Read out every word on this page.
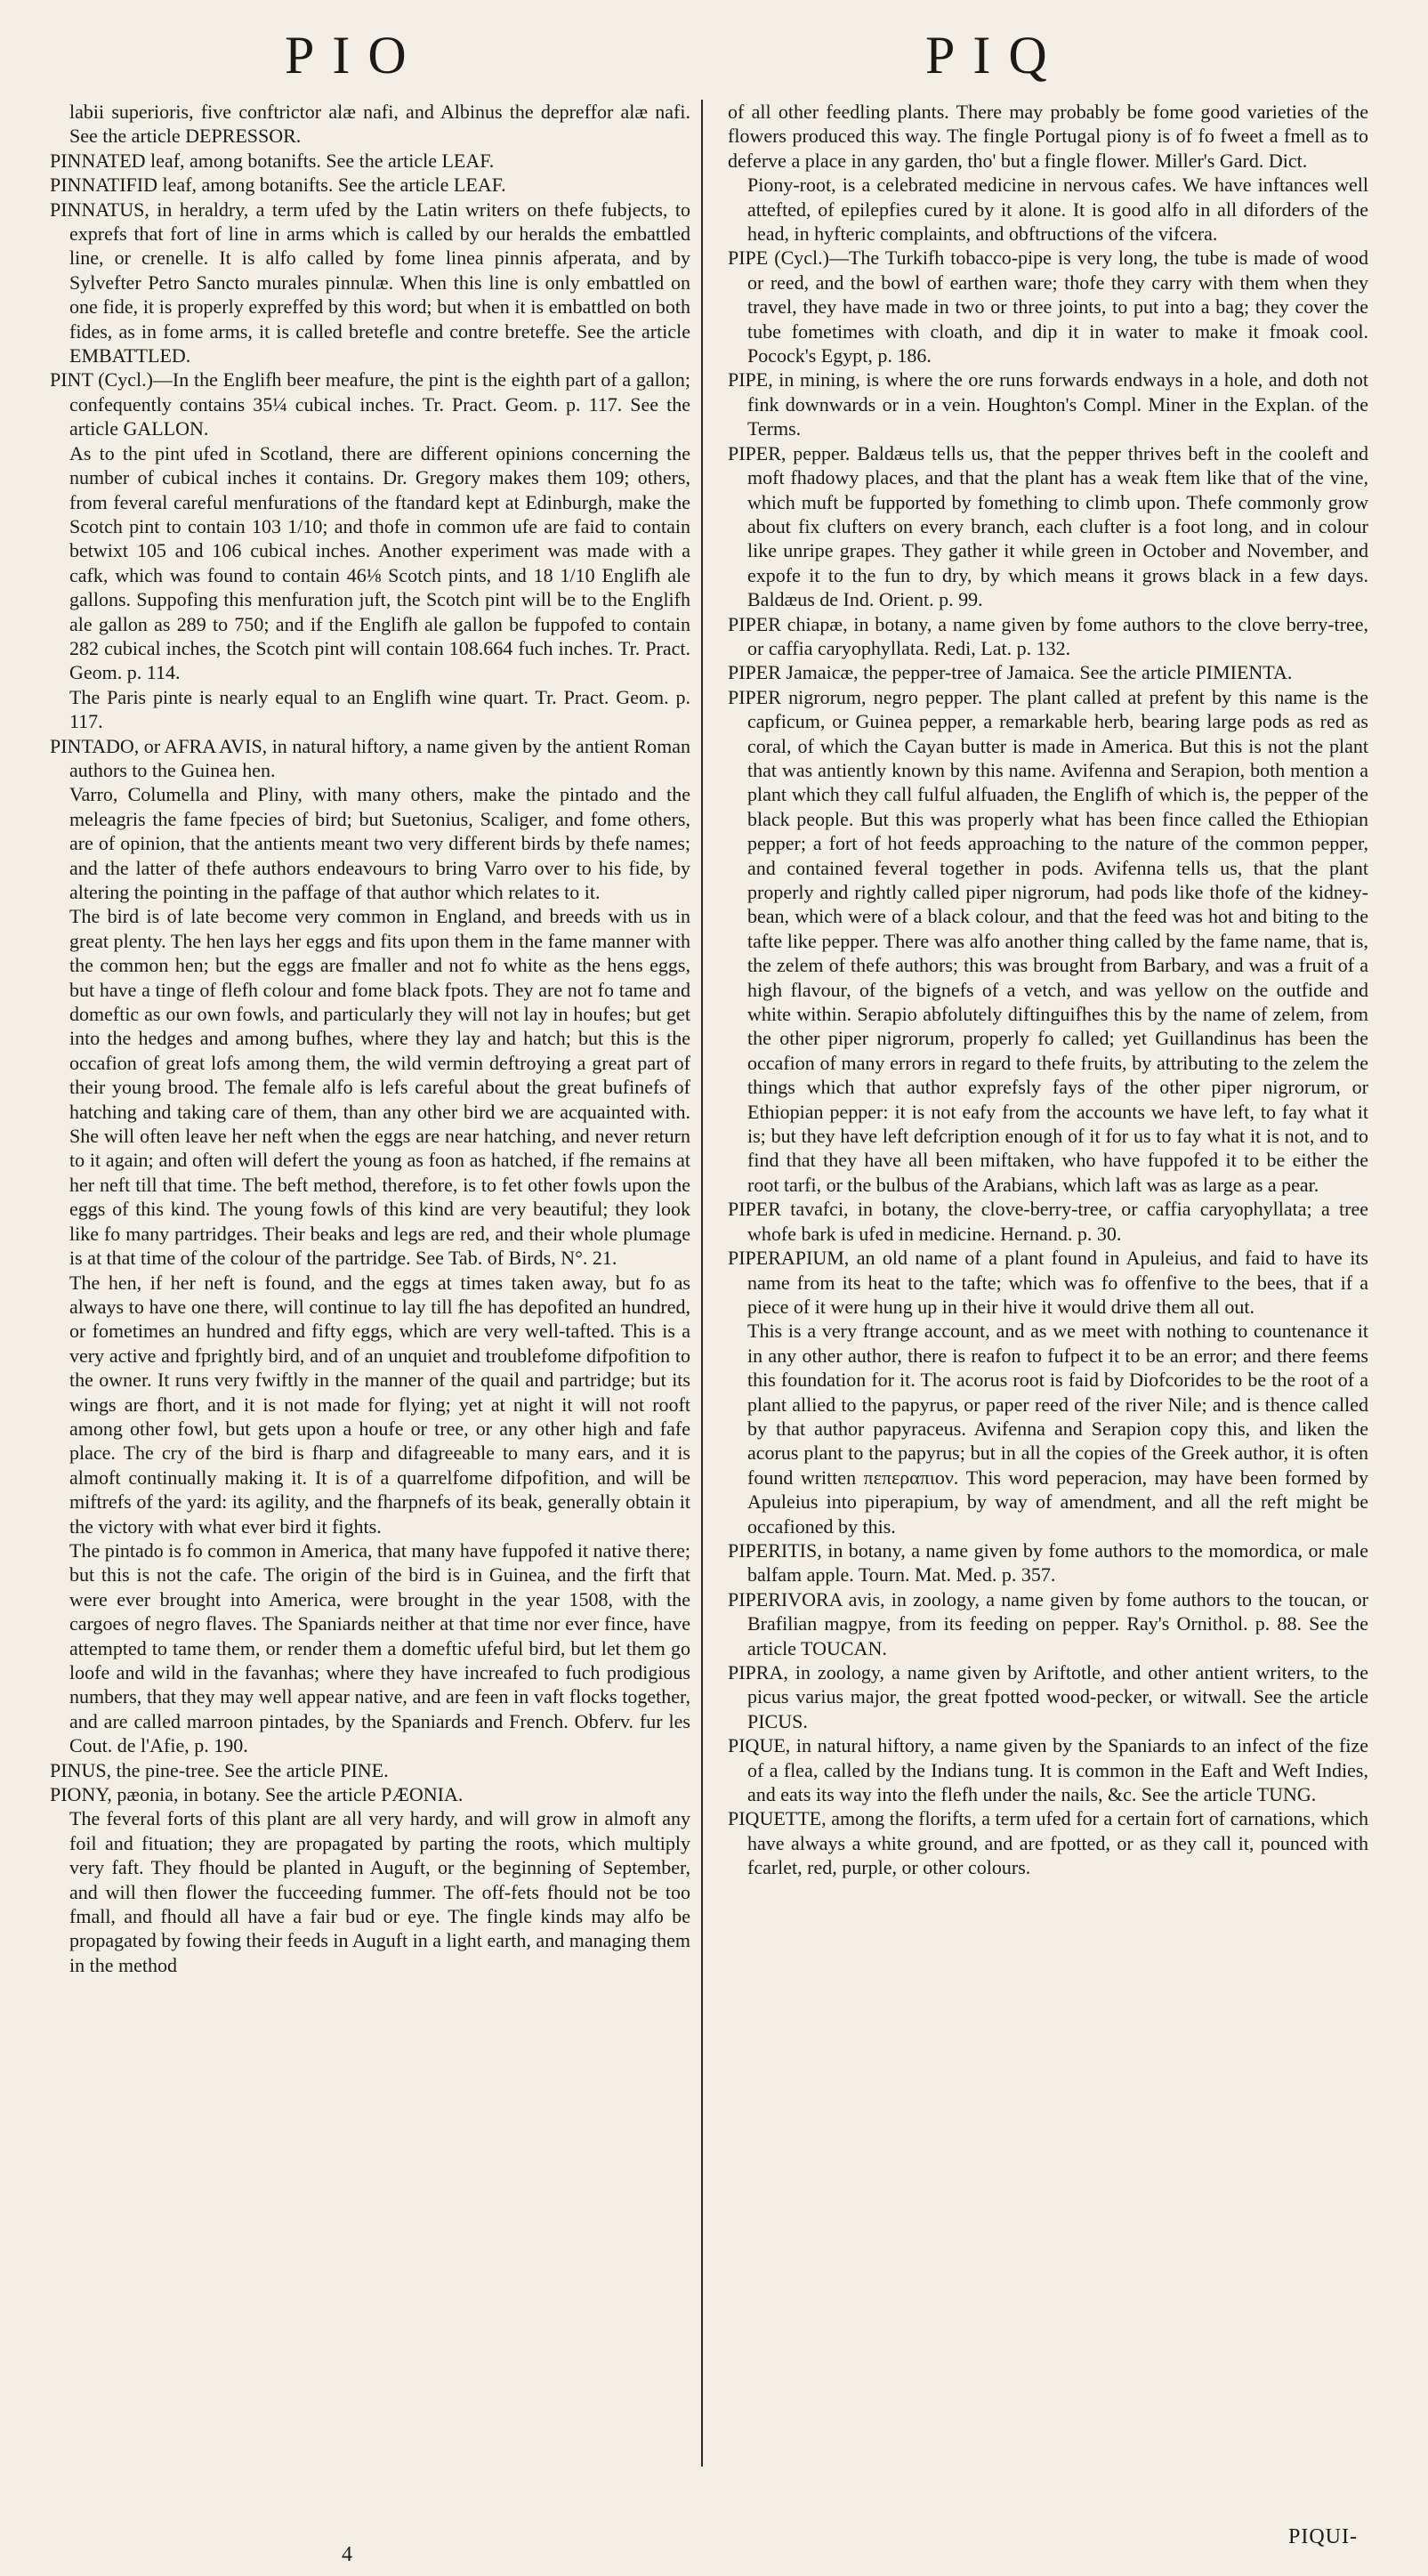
PIO	PIQ

labii superioris, five conftrictor alæ nafi, and Albinus the depreffor alæ nafi. See the article DEPRESSOR.

PINNATED leaf, among botanifts. See the article LEAF.

PINNATIFID leaf, among botanifts. See the article LEAF.

PINNATUS, in heraldry, a term ufed by the Latin writers on thefe fubjects, to exprefs that fort of line in arms which is called by our heralds the embattled line, or crenelle. It is alfo called by fome linea pinnis afperata, and by Sylvefter Petro Sancto murales pinnulæ. When this line is only embattled on one fide, it is properly expreffed by this word; but when it is embattled on both fides, as in fome arms, it is called bretefle and contre breteffe. See the article EMBATTLED.

PINT (Cycl.)—In the Englifh beer meafure, the pint is the eighth part of a gallon; confequently contains 35¼ cubical inches. Tr. Pract. Geom. p. 117. See the article GALLON.

As to the pint ufed in Scotland, there are different opinions concerning the number of cubical inches it contains. Dr. Gregory makes them 109; others, from feveral careful menfurations of the ftandard kept at Edinburgh, make the Scotch pint to contain 103 1/10; and thofe in common ufe are faid to contain betwixt 105 and 106 cubical inches. Another experiment was made with a cafk, which was found to contain 46⅛ Scotch pints, and 18 1/10 Englifh ale gallons. Suppofing this menfuration juft, the Scotch pint will be to the Englifh ale gallon as 289 to 750; and if the Englifh ale gallon be fuppofed to contain 282 cubical inches, the Scotch pint will contain 108.664 fuch inches. Tr. Pract. Geom. p. 114.

The Paris pinte is nearly equal to an Englifh wine quart. Tr. Pract. Geom. p. 117.

PINTADO, or AFRA AVIS, in natural hiftory, a name given by the antient Roman authors to the Guinea hen.

Varro, Columella and Pliny, with many others, make the pintado and the meleagris the fame fpecies of bird; but Suetonius, Scaliger, and fome others, are of opinion, that the antients meant two very different birds by thefe names; and the latter of thefe authors endeavours to bring Varro over to his fide, by altering the pointing in the paffage of that author which relates to it.

The bird is of late become very common in England, and breeds with us in great plenty. The hen lays her eggs and fits upon them in the fame manner with the common hen; but the eggs are fmaller and not fo white as the hens eggs, but have a tinge of flefh colour and fome black fpots. They are not fo tame and domeftic as our own fowls, and particularly they will not lay in houfes; but get into the hedges and among bufhes, where they lay and hatch; but this is the occafion of great lofs among them, the wild vermin deftroying a great part of their young brood. The female alfo is lefs careful about the great bufinefs of hatching and taking care of them, than any other bird we are acquainted with. She will often leave her neft when the eggs are near hatching, and never return to it again; and often will defert the young as foon as hatched, if fhe remains at her neft till that time. The beft method, therefore, is to fet other fowls upon the eggs of this kind. The young fowls of this kind are very beautiful; they look like fo many partridges. Their beaks and legs are red, and their whole plumage is at that time of the colour of the partridge. See Tab. of Birds, N°. 21.

The hen, if her neft is found, and the eggs at times taken away, but fo as always to have one there, will continue to lay till fhe has depofited an hundred, or fometimes an hundred and fifty eggs, which are very well-tafted. This is a very active and fprightly bird, and of an unquiet and troublefome difpofition to the owner. It runs very fwiftly in the manner of the quail and partridge; but its wings are fhort, and it is not made for flying; yet at night it will not rooft among other fowl, but gets upon a houfe or tree, or any other high and fafe place. The cry of the bird is fharp and difagreeable to many ears, and it is almoft continually making it. It is of a quarrelfome difpofition, and will be miftrefs of the yard: its agility, and the fharpnefs of its beak, generally obtain it the victory with what ever bird it fights.

The pintado is fo common in America, that many have fuppofed it native there; but this is not the cafe. The origin of the bird is in Guinea, and the firft that were ever brought into America, were brought in the year 1508, with the cargoes of negro flaves. The Spaniards neither at that time nor ever fince, have attempted to tame them, or render them a domeftic ufeful bird, but let them go loofe and wild in the favanhas; where they have increafed to fuch prodigious numbers, that they may well appear native, and are feen in vaft flocks together, and are called marroon pintades, by the Spaniards and French. Obferv. fur les Cout. de l'Afie, p. 190.

PINUS, the pine-tree. See the article PINE.

PIONY, pæonia, in botany. See the article PÆONIA.

The feveral forts of this plant are all very hardy, and will grow in almoft any foil and fituation; they are propagated by parting the roots, which multiply very faft. They fhould be planted in Auguft, or the beginning of September, and will then flower the fucceeding fummer. The off-fets fhould not be too fmall, and fhould all have a fair bud or eye. The fingle kinds may alfo be propagated by fowing their feeds in Auguft in a light earth, and managing them in the method

of all other feedling plants. There may probably be fome good varieties of the flowers produced this way. The fingle Portugal piony is of fo fweet a fmell as to deferve a place in any garden, tho' but a fingle flower. Miller's Gard. Dict.

Piony-root, is a celebrated medicine in nervous cafes. We have inftances well attefted, of epilepfies cured by it alone. It is good alfo in all diforders of the head, in hyfteric complaints, and obftructions of the vifcera.

PIPE (Cycl.)—The Turkifh tobacco-pipe is very long, the tube is made of wood or reed, and the bowl of earthen ware; thofe they carry with them when they travel, they have made in two or three joints, to put into a bag; they cover the tube fometimes with cloath, and dip it in water to make it fmoak cool. Pocock's Egypt, p. 186.

PIPE, in mining, is where the ore runs forwards endways in a hole, and doth not fink downwards or in a vein. Houghton's Compl. Miner in the Explan. of the Terms.

PIPER, pepper. Baldæus tells us, that the pepper thrives beft in the cooleft and moft fhadowy places, and that the plant has a weak ftem like that of the vine, which muft be fupported by fomething to climb upon. Thefe commonly grow about fix clufters on every branch, each clufter is a foot long, and in colour like unripe grapes. They gather it while green in October and November, and expofe it to the fun to dry, by which means it grows black in a few days. Baldæus de Ind. Orient. p. 99.

PIPER chiapæ, in botany, a name given by fome authors to the clove berry-tree, or caffia caryophyllata. Redi, Lat. p. 132.

PIPER Jamaicæ, the pepper-tree of Jamaica. See the article PIMIENTA.

PIPER nigrorum, negro pepper. The plant called at prefent by this name is the capficum, or Guinea pepper, a remarkable herb, bearing large pods as red as coral, of which the Cayan butter is made in America. But this is not the plant that was antiently known by this name. Avifenna and Serapion, both mention a plant which they call fulful alfuaden, the Englifh of which is, the pepper of the black people. But this was properly what has been fince called the Ethiopian pepper; a fort of hot feeds approaching to the nature of the common pepper, and contained feveral together in pods. Avifenna tells us, that the plant properly and rightly called piper nigrorum, had pods like thofe of the kidney-bean, which were of a black colour, and that the feed was hot and biting to the tafte like pepper. There was alfo another thing called by the fame name, that is, the zelem of thefe authors; this was brought from Barbary, and was a fruit of a high flavour, of the bignefs of a vetch, and was yellow on the outfide and white within. Serapio abfolutely diftinguifhes this by the name of zelem, from the other piper nigrorum, properly fo called; yet Guillandinus has been the occafion of many errors in regard to thefe fruits, by attributing to the zelem the things which that author exprefsly fays of the other piper nigrorum, or Ethiopian pepper: it is not eafy from the accounts we have left, to fay what it is; but they have left defcription enough of it for us to fay what it is not, and to find that they have all been miftaken, who have fuppofed it to be either the root tarfi, or the bulbus of the Arabians, which laft was as large as a pear.

PIPER tavafci, in botany, the clove-berry-tree, or caffia caryophyllata; a tree whofe bark is ufed in medicine. Hernand. p. 30.

PIPERAPIUM, an old name of a plant found in Apuleius, and faid to have its name from its heat to the tafte; which was fo offenfive to the bees, that if a piece of it were hung up in their hive it would drive them all out.

This is a very ftrange account, and as we meet with nothing to countenance it in any other author, there is reafon to fufpect it to be an error; and there feems this foundation for it. The acorus root is faid by Diofcorides to be the root of a plant allied to the papyrus, or paper reed of the river Nile; and is thence called by that author papyraceus. Avifenna and Serapion copy this, and liken the acorus plant to the papyrus; but in all the copies of the Greek author, it is often found written πεπεραπιον. This word peperacion, may have been formed by Apuleius into piperapium, by way of amendment, and all the reft might be occafioned by this.

PIPERITIS, in botany, a name given by fome authors to the momordica, or male balfam apple. Tourn. Mat. Med. p. 357.

PIPERIVORA avis, in zoology, a name given by fome authors to the toucan, or Brafilian magpye, from its feeding on pepper. Ray's Ornithol. p. 88. See the article TOUCAN.

PIPRA, in zoology, a name given by Ariftotle, and other antient writers, to the picus varius major, the great fpotted wood-pecker, or witwall. See the article PICUS.

PIQUE, in natural hiftory, a name given by the Spaniards to an infect of the fize of a flea, called by the Indians tung. It is common in the Eaft and Weft Indies, and eats its way into the flefh under the nails, &c. See the article TUNG.

PIQUETTE, among the florifts, a term ufed for a certain fort of carnations, which have always a white ground, and are fpotted, or as they call it, pounced with fcarlet, red, purple, or other colours.

PIQUI-
4
